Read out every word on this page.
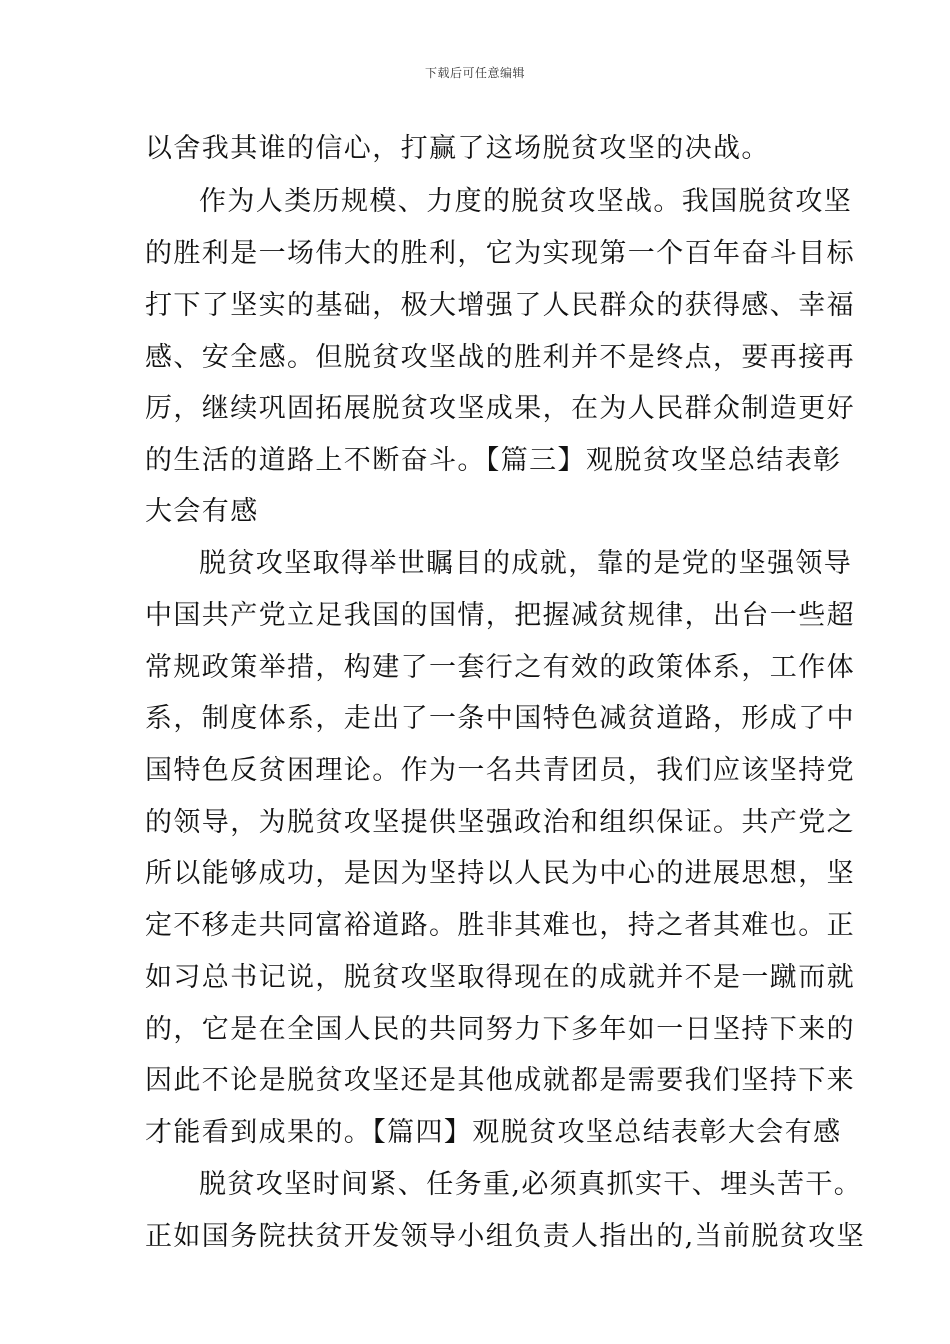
下载后可任意编辑
以舍我其谁的信心，打赢了这场脱贫攻坚的决战。
作为人类历规模、力度的脱贫攻坚战。我国脱贫攻坚
的胜利是一场伟大的胜利，它为实现第一个百年奋斗目标
打下了坚实的基础，极大增强了人民群众的获得感、幸福
感、安全感。但脱贫攻坚战的胜利并不是终点，要再接再
厉，继续巩固拓展脱贫攻坚成果，在为人民群众制造更好
的生活的道路上不断奋斗。【篇三】观脱贫攻坚总结表彰
大会有感
脱贫攻坚取得举世瞩目的成就，靠的是党的坚强领导
中国共产党立足我国的国情，把握减贫规律，出台一些超
常规政策举措，构建了一套行之有效的政策体系，工作体
系，制度体系，走出了一条中国特色减贫道路，形成了中
国特色反贫困理论。作为一名共青团员，我们应该坚持党
的领导，为脱贫攻坚提供坚强政治和组织保证。共产党之
所以能够成功，是因为坚持以人民为中心的进展思想，坚
定不移走共同富裕道路。胜非其难也，持之者其难也。正
如习总书记说，脱贫攻坚取得现在的成就并不是一蹴而就
的，它是在全国人民的共同努力下多年如一日坚持下来的
因此不论是脱贫攻坚还是其他成就都是需要我们坚持下来
才能看到成果的。【篇四】观脱贫攻坚总结表彰大会有感
脱贫攻坚时间紧、任务重,必须真抓实干、埋头苦干。
正如国务院扶贫开发领导小组负责人指出的,当前脱贫攻坚
